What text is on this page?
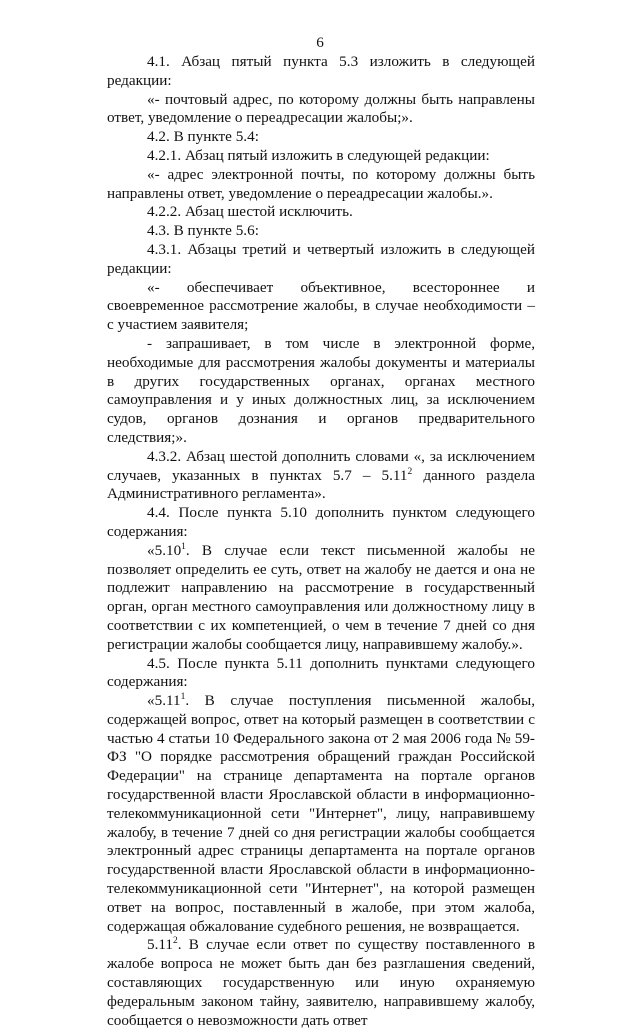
6

4.1. Абзац пятый пункта 5.3 изложить в следующей редакции:

«- почтовый адрес, по которому должны быть направлены ответ, уведомление о переадресации жалобы;».

4.2. В пункте 5.4:

4.2.1. Абзац пятый изложить в следующей редакции:

«- адрес электронной почты, по которому должны быть направлены ответ, уведомление о переадресации жалобы.».

4.2.2. Абзац шестой исключить.

4.3. В пункте 5.6:

4.3.1. Абзацы третий и четвертый изложить в следующей редакции:

«- обеспечивает объективное, всестороннее и своевременное рассмотрение жалобы, в случае необходимости – с участием заявителя;

- запрашивает, в том числе в электронной форме, необходимые для рассмотрения жалобы документы и материалы в других государственных органах, органах местного самоуправления и у иных должностных лиц, за исключением судов, органов дознания и органов предварительного следствия;».

4.3.2. Абзац шестой дополнить словами «, за исключением случаев, указанных в пунктах 5.7 – 5.11$^2$ данного раздела Административного регламента».

4.4. После пункта 5.10 дополнить пунктом следующего содержания:

«5.10$^1$. В случае если текст письменной жалобы не позволяет определить ее суть, ответ на жалобу не дается и она не подлежит направлению на рассмотрение в государственный орган, орган местного самоуправления или должностному лицу в соответствии с их компетенцией, о чем в течение 7 дней со дня регистрации жалобы сообщается лицу, направившему жалобу.».

4.5. После пункта 5.11 дополнить пунктами следующего содержания:

«5.11$^1$. В случае поступления письменной жалобы, содержащей вопрос, ответ на который размещен в соответствии с частью 4 статьи 10 Федерального закона от 2 мая 2006 года № 59-ФЗ "О порядке рассмотрения обращений граждан Российской Федерации" на странице департамента на портале органов государственной власти Ярославской области в информационно-телекоммуникационной сети "Интернет", лицу, направившему жалобу, в течение 7 дней со дня регистрации жалобы сообщается электронный адрес страницы департамента на портале органов государственной власти Ярославской области в информационно-телекоммуникационной сети "Интернет", на которой размещен ответ на вопрос, поставленный в жалобе, при этом жалоба, содержащая обжалование судебного решения, не возвращается.

5.11$^2$. В случае если ответ по существу поставленного в жалобе вопроса не может быть дан без разглашения сведений, составляющих государственную или иную охраняемую федеральным законом тайну, заявителю, направившему жалобу, сообщается о невозможности дать ответ
